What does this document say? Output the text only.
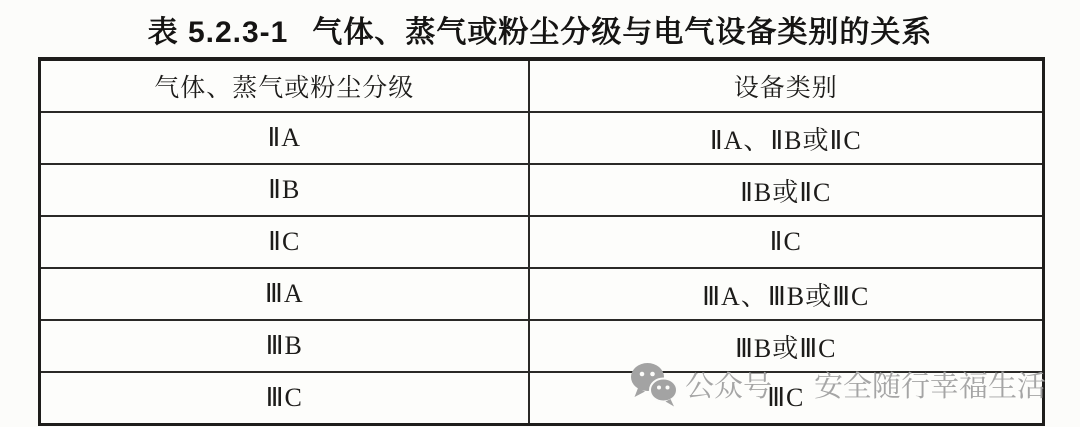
表 5.2.3-1 气体、蒸气或粉尘分级与电气设备类别的关系
气体、蒸气或粉尘分级	设备类别
ⅡA	ⅡA、ⅡB或ⅡC
ⅡB	ⅡB或ⅡC
ⅡC	ⅡC
ⅢA	ⅢA、ⅢB或ⅢC
ⅢB	ⅢB或ⅢC
ⅢC	ⅢC
公众号 安全随行幸福生活
